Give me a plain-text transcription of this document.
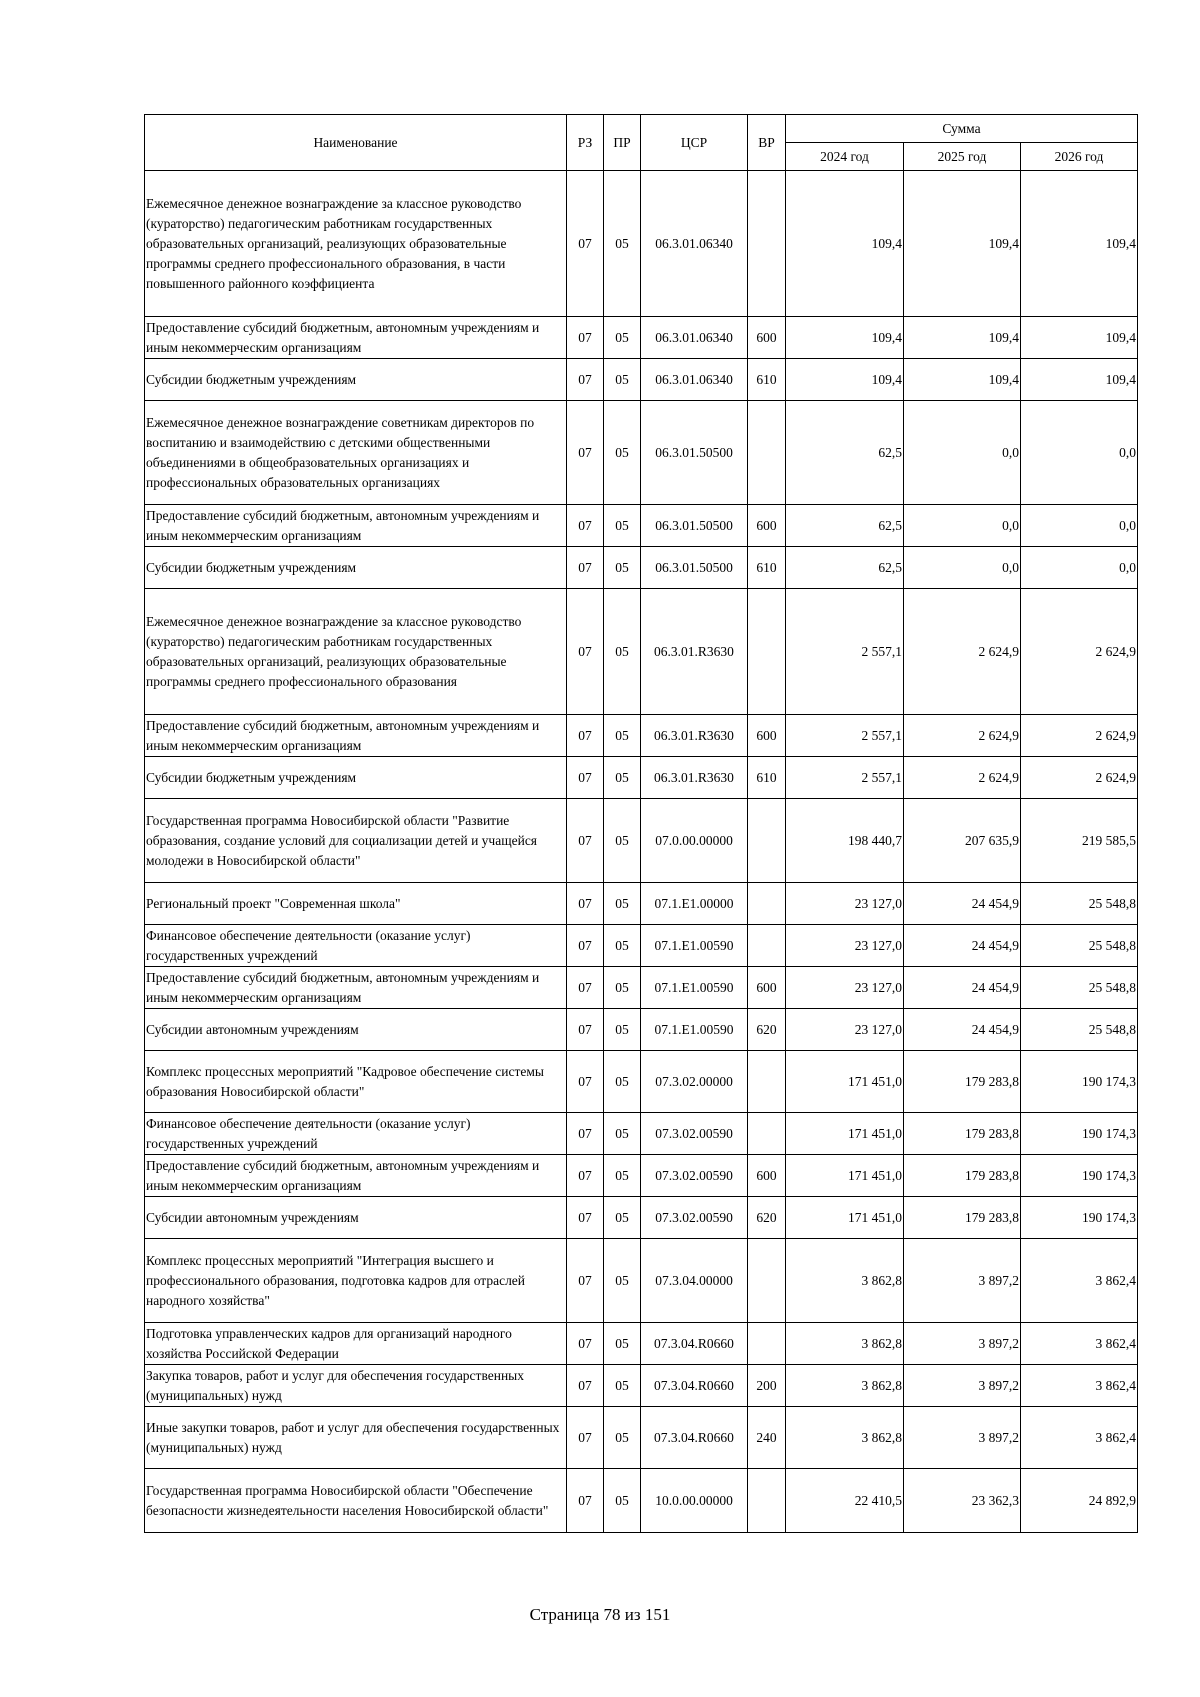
Наименование	РЗ	ПР	ЦСР	ВР	Сумма		
					2024 год	2025 год	2026 год
Ежемесячное денежное вознаграждение за классное руководство (кураторство) педагогическим работникам государственных образовательных организаций, реализующих образовательные программы среднего профессионального образования, в части повышенного районного коэффициента	07	05	06.3.01.06340		109,4	109,4	109,4
Предоставление субсидий бюджетным, автономным учреждениям и иным некоммерческим организациям	07	05	06.3.01.06340	600	109,4	109,4	109,4
Субсидии бюджетным учреждениям	07	05	06.3.01.06340	610	109,4	109,4	109,4
Ежемесячное денежное вознаграждение советникам директоров по воспитанию и взаимодействию с детскими общественными объединениями в общеобразовательных организациях и профессиональных образовательных организациях	07	05	06.3.01.50500		62,5	0,0	0,0
Предоставление субсидий бюджетным, автономным учреждениям и иным некоммерческим организациям	07	05	06.3.01.50500	600	62,5	0,0	0,0
Субсидии бюджетным учреждениям	07	05	06.3.01.50500	610	62,5	0,0	0,0
Ежемесячное денежное вознаграждение за классное руководство (кураторство) педагогическим работникам государственных образовательных организаций, реализующих образовательные программы среднего профессионального образования	07	05	06.3.01.R3630		2 557,1	2 624,9	2 624,9
Предоставление субсидий бюджетным, автономным учреждениям и иным некоммерческим организациям	07	05	06.3.01.R3630	600	2 557,1	2 624,9	2 624,9
Субсидии бюджетным учреждениям	07	05	06.3.01.R3630	610	2 557,1	2 624,9	2 624,9
Государственная программа Новосибирской области "Развитие образования, создание условий для социализации детей и учащейся молодежи в Новосибирской области"	07	05	07.0.00.00000		198 440,7	207 635,9	219 585,5
Региональный проект "Современная школа"	07	05	07.1.E1.00000		23 127,0	24 454,9	25 548,8
Финансовое обеспечение деятельности (оказание услуг) государственных учреждений	07	05	07.1.E1.00590		23 127,0	24 454,9	25 548,8
Предоставление субсидий бюджетным, автономным учреждениям и иным некоммерческим организациям	07	05	07.1.E1.00590	600	23 127,0	24 454,9	25 548,8
Субсидии автономным учреждениям	07	05	07.1.E1.00590	620	23 127,0	24 454,9	25 548,8
Комплекс процессных мероприятий "Кадровое обеспечение системы образования Новосибирской области"	07	05	07.3.02.00000		171 451,0	179 283,8	190 174,3
Финансовое обеспечение деятельности (оказание услуг) государственных учреждений	07	05	07.3.02.00590		171 451,0	179 283,8	190 174,3
Предоставление субсидий бюджетным, автономным учреждениям и иным некоммерческим организациям	07	05	07.3.02.00590	600	171 451,0	179 283,8	190 174,3
Субсидии автономным учреждениям	07	05	07.3.02.00590	620	171 451,0	179 283,8	190 174,3
Комплекс процессных мероприятий "Интеграция высшего и профессионального образования, подготовка кадров для отраслей народного хозяйства"	07	05	07.3.04.00000		3 862,8	3 897,2	3 862,4
Подготовка управленческих кадров для организаций народного хозяйства Российской Федерации	07	05	07.3.04.R0660		3 862,8	3 897,2	3 862,4
Закупка товаров, работ и услуг для обеспечения государственных (муниципальных) нужд	07	05	07.3.04.R0660	200	3 862,8	3 897,2	3 862,4
Иные закупки товаров, работ и услуг для обеспечения государственных (муниципальных) нужд	07	05	07.3.04.R0660	240	3 862,8	3 897,2	3 862,4
Государственная программа Новосибирской области "Обеспечение безопасности жизнедеятельности населения Новосибирской области"	07	05	10.0.00.00000		22 410,5	23 362,3	24 892,9
Страница 78 из 151
